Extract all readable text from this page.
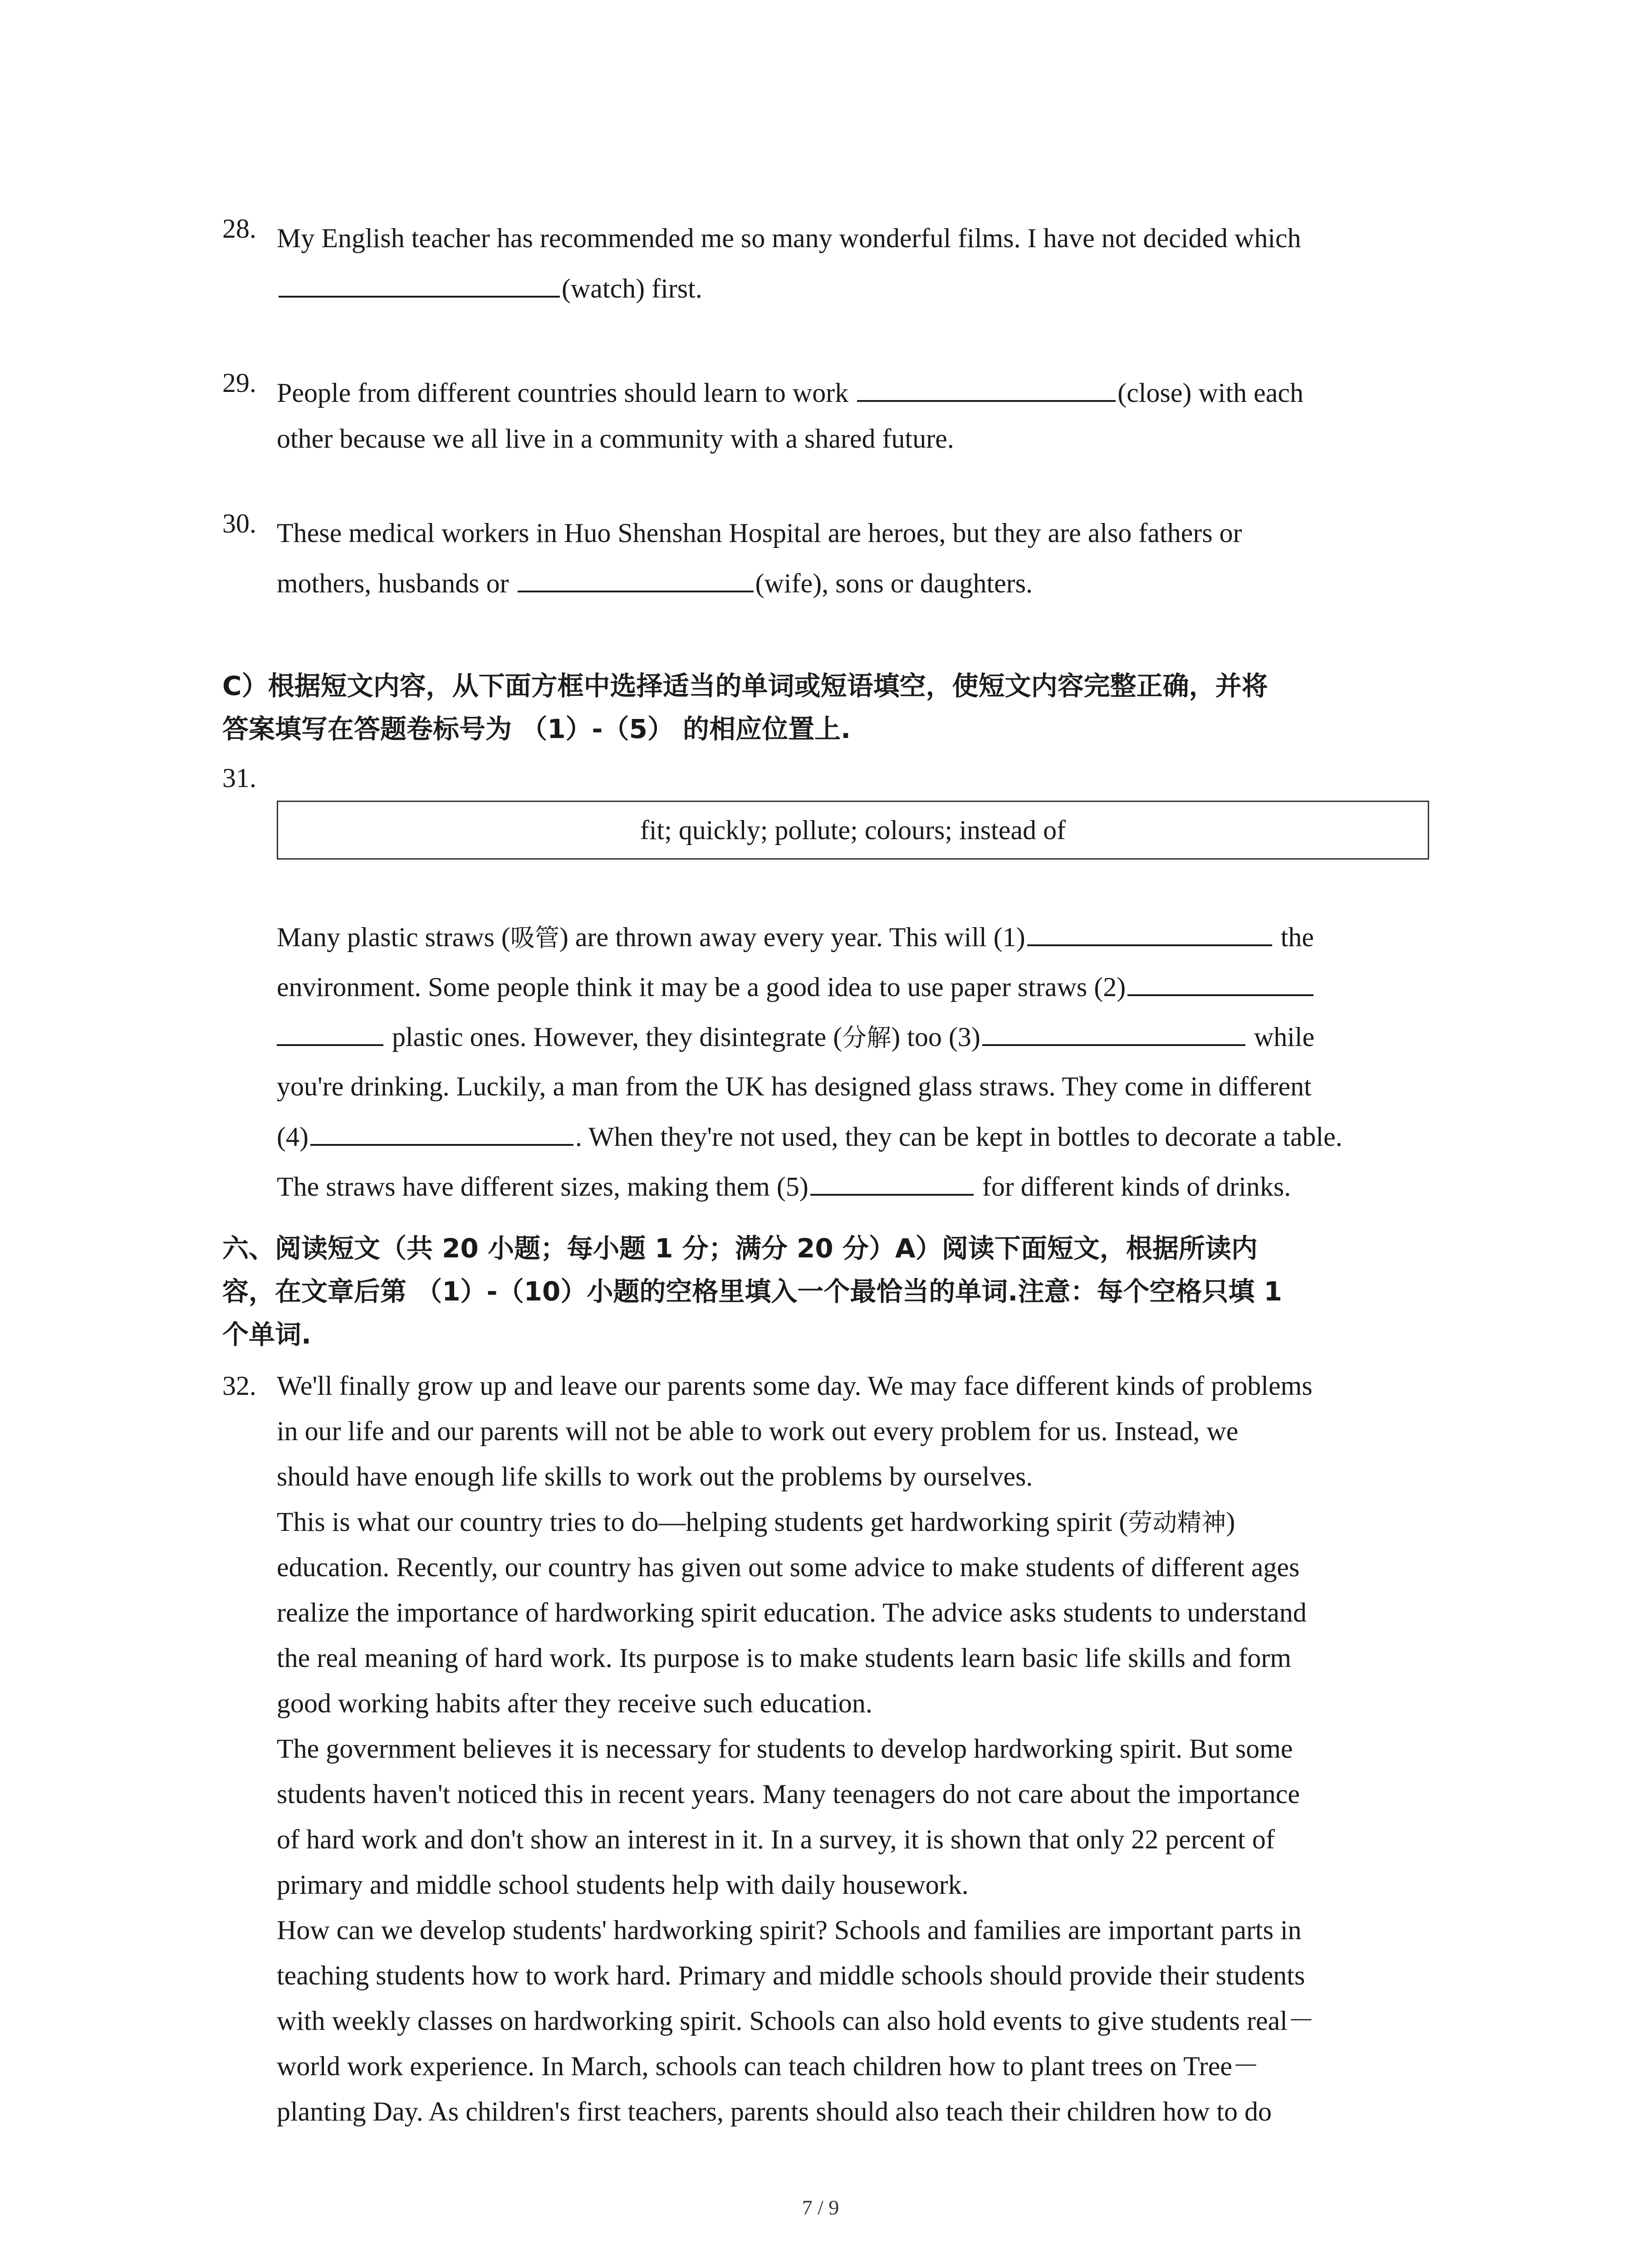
28. My English teacher has recommended me so many wonderful films. I have not decided which
(watch) first.
29. People from different countries should learn to work	(close) with each
other because we all live in a community with a shared future.
30. These medical workers in Huo Shenshan Hospital are heroes, but they are also fathers or
mothers, husbands or	(wife), sons or daughters.
C）根据短文内容，从下面方框中选择适当的单词或短语填空，使短文内容完整正确，并将
答案填写在答题卷标号为 （1）-（5） 的相应位置上.
31.
fit; quickly; pollute; colours; instead of
Many plastic straws (吸管) are thrown away every year. This will (1)	the
environment. Some people think it may be a good idea to use paper straws (2)
plastic ones. However, they disintegrate (分解) too (3)	while
you're drinking. Luckily, a man from the UK has designed glass straws. They come in different
(4)	. When they're not used, they can be kept in bottles to decorate a table.
The straws have different sizes, making them (5)	for different kinds of drinks.
六、阅读短文（共 20 小题；每小题 1 分；满分 20 分）A）阅读下面短文，根据所读内
容，在文章后第 （1）-（10）小题的空格里填入一个最恰当的单词.注意：每个空格只填 1
个单词.
32. We'll finally grow up and leave our parents some day. We may face different kinds of problems
in our life and our parents will not be able to work out every problem for us. Instead, we
should have enough life skills to work out the problems by ourselves.
This is what our country tries to do—helping students get hardworking spirit (劳动精神)
education. Recently, our country has given out some advice to make students of different ages
realize the importance of hardworking spirit education. The advice asks students to understand
the real meaning of hard work. Its purpose is to make students learn basic life skills and form
good working habits after they receive such education.
The government believes it is necessary for students to develop hardworking spirit. But some
students haven't noticed this in recent years. Many teenagers do not care about the importance
of hard work and don't show an interest in it. In a survey, it is shown that only 22 percent of
primary and middle school students help with daily housework.
How can we develop students' hardworking spirit? Schools and families are important parts in
teaching students how to work hard. Primary and middle schools should provide their students
with weekly classes on hardworking spirit. Schools can also hold events to give students real－
world work experience. In March, schools can teach children how to plant trees on Tree－
planting Day. As children's first teachers, parents should also teach their children how to do
7 / 9
